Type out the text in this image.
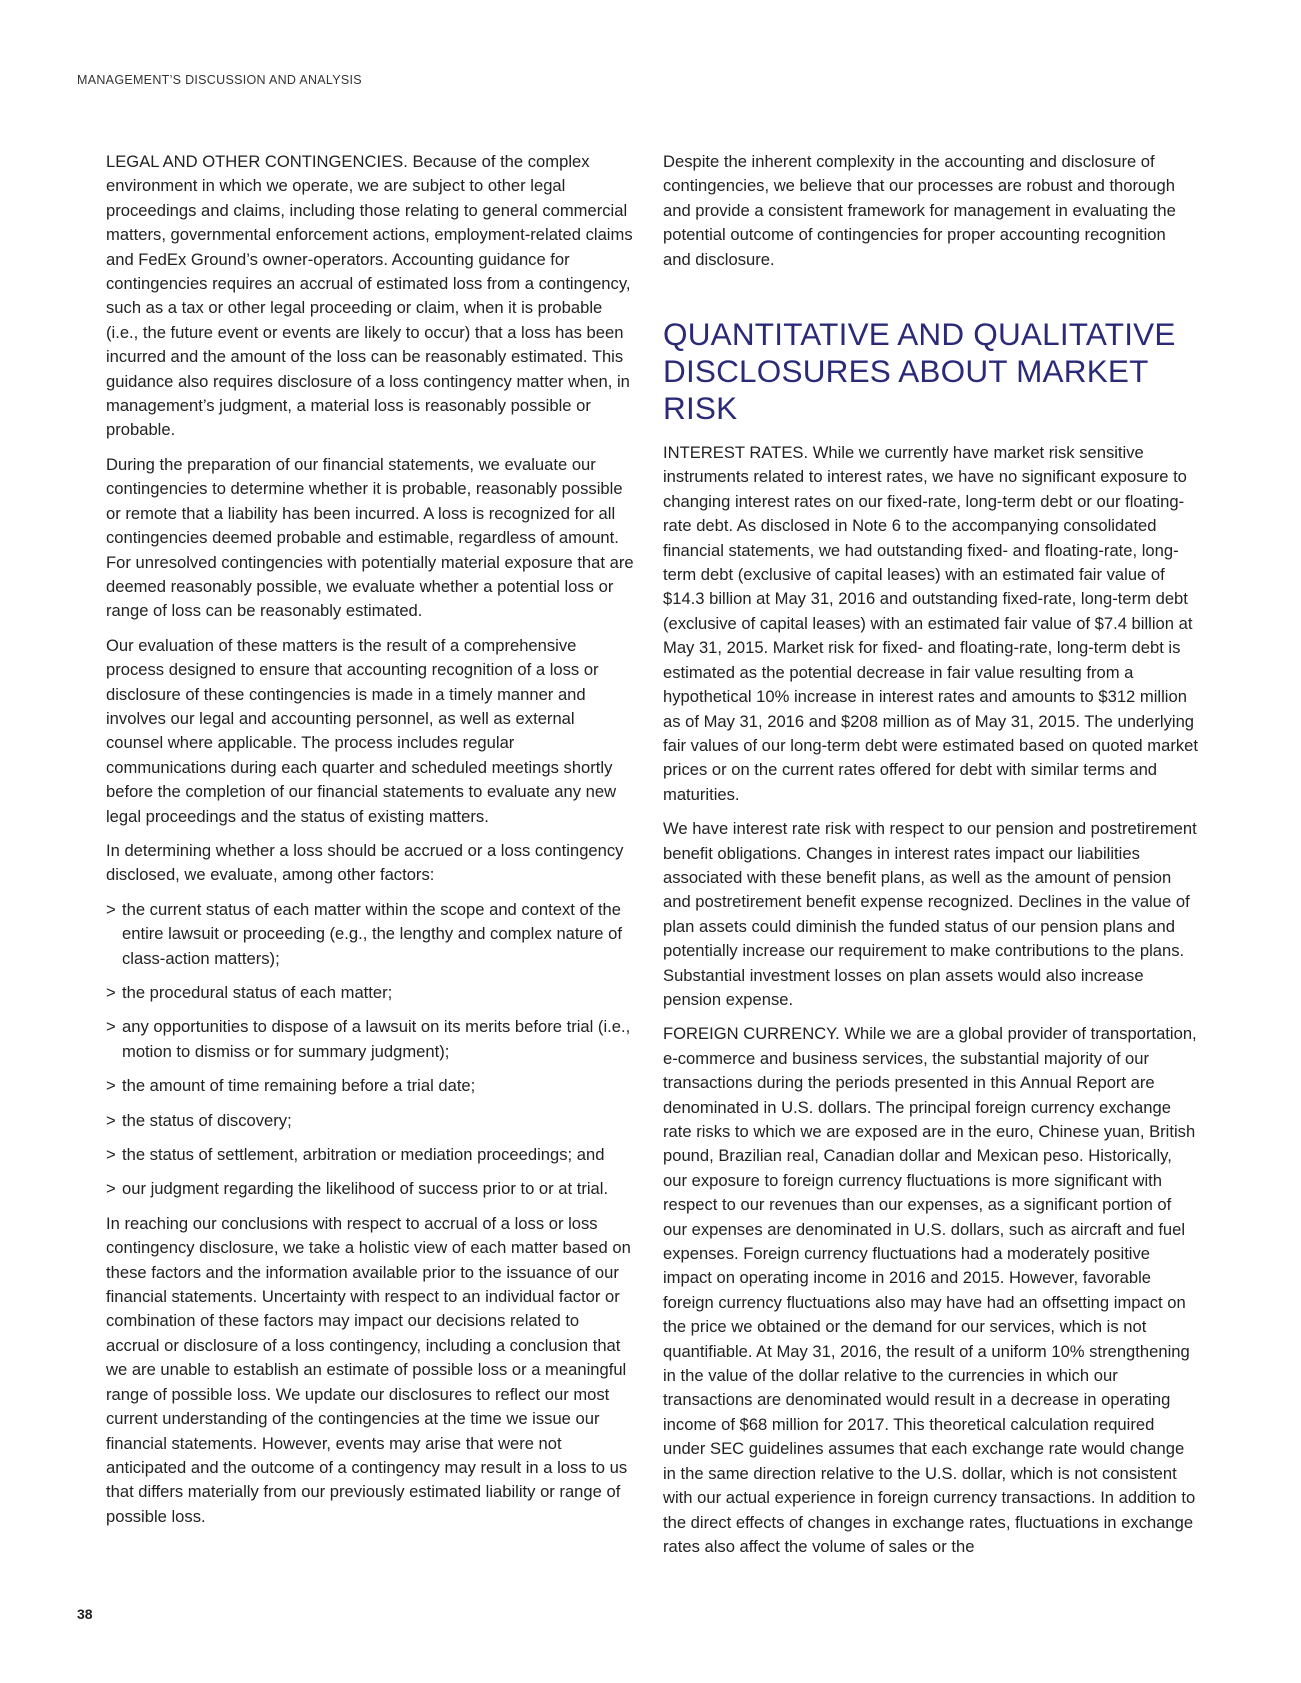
MANAGEMENT’S DISCUSSION AND ANALYSIS

LEGAL AND OTHER CONTINGENCIES. Because of the complex environment in which we operate, we are subject to other legal proceedings and claims, including those relating to general commercial matters, governmental enforcement actions, employment-related claims and FedEx Ground’s owner-operators. Accounting guidance for contingencies requires an accrual of estimated loss from a contingency, such as a tax or other legal proceeding or claim, when it is probable (i.e., the future event or events are likely to occur) that a loss has been incurred and the amount of the loss can be reasonably estimated. This guidance also requires disclosure of a loss contingency matter when, in management’s judgment, a material loss is reasonably possible or probable.

During the preparation of our financial statements, we evaluate our contingencies to determine whether it is probable, reasonably possible or remote that a liability has been incurred. A loss is recognized for all contingencies deemed probable and estimable, regardless of amount. For unresolved contingencies with potentially material exposure that are deemed reasonably possible, we evaluate whether a potential loss or range of loss can be reasonably estimated.

Our evaluation of these matters is the result of a comprehensive process designed to ensure that accounting recognition of a loss or disclosure of these contingencies is made in a timely manner and involves our legal and accounting personnel, as well as external counsel where applicable. The process includes regular communications during each quarter and scheduled meetings shortly before the completion of our financial statements to evaluate any new legal proceedings and the status of existing matters.

In determining whether a loss should be accrued or a loss contingency disclosed, we evaluate, among other factors:

> the current status of each matter within the scope and context of the entire lawsuit or proceeding (e.g., the lengthy and complex nature of class-action matters);
> the procedural status of each matter;
> any opportunities to dispose of a lawsuit on its merits before trial (i.e., motion to dismiss or for summary judgment);
> the amount of time remaining before a trial date;
> the status of discovery;
> the status of settlement, arbitration or mediation proceedings; and
> our judgment regarding the likelihood of success prior to or at trial.

In reaching our conclusions with respect to accrual of a loss or loss contingency disclosure, we take a holistic view of each matter based on these factors and the information available prior to the issuance of our financial statements. Uncertainty with respect to an individual factor or combination of these factors may impact our decisions related to accrual or disclosure of a loss contingency, including a conclusion that we are unable to establish an estimate of possible loss or a meaningful range of possible loss. We update our disclosures to reflect our most current understanding of the contingencies at the time we issue our financial statements. However, events may arise that were not anticipated and the outcome of a contingency may result in a loss to us that differs materially from our previously estimated liability or range of possible loss.

Despite the inherent complexity in the accounting and disclosure of contingencies, we believe that our processes are robust and thorough and provide a consistent framework for management in evaluating the potential outcome of contingencies for proper accounting recognition and disclosure.

QUANTITATIVE AND QUALITATIVE DISCLOSURES ABOUT MARKET RISK

INTEREST RATES. While we currently have market risk sensitive instruments related to interest rates, we have no significant exposure to changing interest rates on our fixed-rate, long-term debt or our floating-rate debt. As disclosed in Note 6 to the accompanying consolidated financial statements, we had outstanding fixed- and floating-rate, long-term debt (exclusive of capital leases) with an estimated fair value of $14.3 billion at May 31, 2016 and outstanding fixed-rate, long-term debt (exclusive of capital leases) with an estimated fair value of $7.4 billion at May 31, 2015. Market risk for fixed- and floating-rate, long-term debt is estimated as the potential decrease in fair value resulting from a hypothetical 10% increase in interest rates and amounts to $312 million as of May 31, 2016 and $208 million as of May 31, 2015. The underlying fair values of our long-term debt were estimated based on quoted market prices or on the current rates offered for debt with similar terms and maturities.

We have interest rate risk with respect to our pension and postretirement benefit obligations. Changes in interest rates impact our liabilities associated with these benefit plans, as well as the amount of pension and postretirement benefit expense recognized. Declines in the value of plan assets could diminish the funded status of our pension plans and potentially increase our requirement to make contributions to the plans. Substantial investment losses on plan assets would also increase pension expense.

FOREIGN CURRENCY. While we are a global provider of transportation, e-commerce and business services, the substantial majority of our transactions during the periods presented in this Annual Report are denominated in U.S. dollars. The principal foreign currency exchange rate risks to which we are exposed are in the euro, Chinese yuan, British pound, Brazilian real, Canadian dollar and Mexican peso. Historically, our exposure to foreign currency fluctuations is more significant with respect to our revenues than our expenses, as a significant portion of our expenses are denominated in U.S. dollars, such as aircraft and fuel expenses. Foreign currency fluctuations had a moderately positive impact on operating income in 2016 and 2015. However, favorable foreign currency fluctuations also may have had an offsetting impact on the price we obtained or the demand for our services, which is not quantifiable. At May 31, 2016, the result of a uniform 10% strengthening in the value of the dollar relative to the currencies in which our transactions are denominated would result in a decrease in operating income of $68 million for 2017. This theoretical calculation required under SEC guidelines assumes that each exchange rate would change in the same direction relative to the U.S. dollar, which is not consistent with our actual experience in foreign currency transactions. In addition to the direct effects of changes in exchange rates, fluctuations in exchange rates also affect the volume of sales or the

38
